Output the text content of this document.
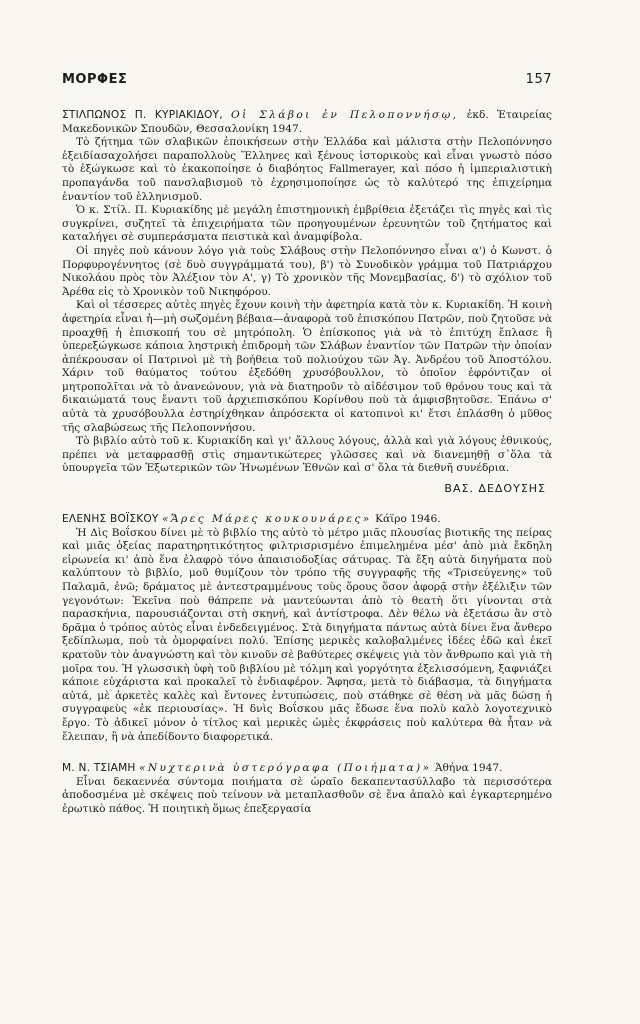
ΜΟΡΦΕΣ	157

ΣΤΙΛΠΩΝΟΣ Π. ΚΥΡΙΑΚΙΔΟΥ, Οἱ Σλάβοι ἐν Πελοποννήσῳ, ἐκδ. Ἑταιρείας Μακεδονικῶν Σπουδῶν, Θεσσαλονίκη 1947.

Τὸ ζήτημα τῶν σλαβικῶν ἐποικήσεων στὴν Ἑλλάδα καὶ μάλιστα στὴν Πελοπόννησο ἐξειδίασαχολήσει παραπολλοὺς Ἕλληνες καὶ ξένους ἱστορικοὺς καὶ εἶναι γνωστὸ πόσο τὸ ἐξώγκωσε καὶ τὸ ἐκακοποίησε ὁ διαβόητος Fallmerayer, καὶ πόσο ἡ ἰμπεριαλιστικὴ προπαγάνδα τοῦ πανσλαβισμοῦ τὸ ἐχρησιμοποίησε ὡς τὸ καλύτερό της ἐπιχείρημα ἐναντίον τοῦ ἑλληνισμοῦ.

Ὁ κ. Στίλ. Π. Κυριακίδης μὲ μεγάλη ἐπιστημονικὴ ἐμβρίθεια ἐξετάζει τὶς πηγὲς καὶ τὶς συγκρίνει, συζητεῖ τὰ ἐπιχειρήματα τῶν προηγουμένων ἐρευνητῶν τοῦ ζητήματος καὶ καταλήγει σὲ συμπεράσματα πειστικὰ καὶ ἀναμφίβολα.

Οἱ πηγὲς ποὺ κάνουν λόγο γιὰ τοὺς Σλάβους στὴν Πελοπόννησο εἶναι α') ὁ Κωνστ. ὁ Πορφυρογέννητος (σὲ δυὸ συγγράμματά του), β') τὸ Συνοδικὸν γράμμα τοῦ Πατριάρχου Νικολάου πρὸς τὸν Ἀλέξιον τὸν Α', γ) Τὸ χρονικὸν τῆς Μονεμβασίας, δ') τὸ σχόλιον τοῦ Ἀρέθα εἰς τὸ Χρονικὸν τοῦ Νικηφόρου.

Καὶ οἱ τέσσερες αὐτὲς πηγὲς ἔχουν κοινὴ τὴν ἀφετηρία κατὰ τὸν κ. Κυριακίδη. Ἡ κοινὴ ἀφετηρία εἶναι ἡ—μὴ σωζομένη βέβαια—ἀναφορὰ τοῦ ἐπισκόπου Πατρῶν, ποὺ ζητοῦσε νὰ προαχθῇ ἡ ἐπισκοπή του σὲ μητρόπολη. Ὁ ἐπίσκοπος γιὰ νὰ τὸ ἐπιτύχη ἔπλασε ἢ ὑπερεξώγκωσε κάποια ληστρικὴ ἐπιδρομὴ τῶν Σλάβων ἐναντίον τῶν Πατρῶν τὴν ὁποίαν ἀπέκρουσαν οἱ Πατρινοὶ μὲ τὴ βοήθεια τοῦ πολιούχου τῶν Ἀγ. Ἀνδρέου τοῦ Ἀποστόλου. Χάριν τοῦ θαύματος τούτου ἐξεδόθη χρυσόβουλλον, τὸ ὁποῖον ἐφρόντιζαν οἱ μητροπολῖται νὰ τὸ ἀνανεώνουν, γιὰ νὰ διατηροῦν τὸ αἰδέσιμον τοῦ θρόνου τους καὶ τὰ δικαιώματά τους ἔναντι τοῦ ἀρχιεπισκόπου Κορίνθου ποὺ τὰ ἀμφισβητοῦσε. Ἐπάνω σ' αὐτὰ τὰ χρυσόβουλλα ἐστηρίχθηκαν ἀπρόσεκτα οἱ κατοπινοὶ κι' ἔτσι ἐπλάσθη ὁ μῦθος τῆς σλαβώσεως τῆς Πελοποννήσου.

Τὸ βιβλίο αὐτὸ τοῦ κ. Κυριακίδη καὶ γι' ἄλλους λόγους, ἀλλὰ καὶ γιὰ λόγους ἐθνικούς, πρέπει νὰ μεταφρασθῇ στὶς σημαντικώτερες γλῶσσες καὶ νὰ διανεμηθῇ σ᾽ὅλα τὰ ὑπουργεῖα τῶν Ἐξωτερικῶν τῶν Ἡνωμένων Ἐθνῶν καὶ σ' ὅλα τὰ διεθνῆ συνέδρια.

ΒΑΣ. ΔΕΔΟΥΣΗΣ

ΕΛΕΝΗΣ ΒΟΪΣΚΟΥ «Ἄρες Μάρες κουκουνάρες» Κάϊρο 1946.

Ἡ Δὶς Βοΐσκου δίνει μὲ τὸ βιβλίο της αὐτὸ τὸ μέτρο μιᾶς πλουσίας βιοτικῆς της πείρας καὶ μιᾶς ὀξείας παρατηρητικότητος φιλτρισρισμένο ἐπιμελημένα μέσ' ἀπὸ μιὰ ἔκδηλη εἰρωνεία κι' ἀπὸ ἕνα ἐλαφρὸ τόνο ἀπαισιοδοξίας σάτυρας. Τὰ ἔξη αὐτὰ διηγήματα ποὺ καλύπτουν τὸ βιβλίο, μοῦ θυμίζουν τὸν τρόπο τῆς συγγραφῆς τῆς «Τρισεύγενης» τοῦ Παλαμᾶ, ἐνῶ; δράματος μὲ ἀντεστραμμένους τοὺς ὅρους ὅσον ἀφορᾷ στὴν ἐξέλιξιν τῶν γεγονότων: Ἐκεῖνα ποὺ θάπρεπε νὰ μαντεύωνται ἀπὸ τὸ θεατὴ ὅτι γίνονται στὰ παρασκήνια, παρουσιάζονται στὴ σκηνή, καὶ ἀντίστροφα. Δὲν θέλω νὰ ἐξετάσω ἂν στὸ δρᾶμα ὁ τρόπος αὐτὸς εἶναι ἐνδεδειγμένος. Στὰ διηγήματα πάντως αὐτὰ δίνει ἕνα ἄνθερο ξεδίπλωμα, ποὺ τὰ ὁμορφαίνει πολύ. Ἐπίσης μερικὲς καλοβαλμένες ἰδέες ἐδῶ καὶ ἐκεῖ κρατοῦν τὸν ἀναγνώστη καὶ τὸν κινοῦν σὲ βαθύτερες σκέψεις γιὰ τὸν ἄνθρωπο καὶ γιὰ τὴ μοῖρα του. Ἡ γλωσσικὴ ὑφὴ τοῦ βιβλίου μὲ τόλμη καὶ γοργότητα ἐξελισσόμενη, ξαφνιάζει κάποιε εὐχάριστα καὶ προκαλεῖ τὸ ἐνδιαφέρον. Ἄφησα, μετὰ τὸ διάβασμα, τὰ διηγήματα αὐτά, μὲ ἀρκετὲς καλὲς καὶ ἔντονες ἐντυπώσεις, ποὺ στάθηκε σὲ θέση νὰ μᾶς δώσῃ ἡ συγγραφεὺς «ἐκ περιουσίας». Ἡ δνὶς Βοΐσκου μᾶς ἔδωσε ἕνα πολὺ καλὸ λογοτεχνικὸ ἔργο. Τὸ ἀδικεῖ μόνον ὁ τίτλος καὶ μερικὲς ὠμὲς ἐκφράσεις ποὺ καλύτερα θὰ ἦταν νὰ ἔλειπαν, ἢ νὰ ἀπεδίδοντο διαφορετικά.

Μ. Ν. ΤΣΙΑΜΗ «Νυχτερινὰ ὑστερόγραφα (Ποιήματα)» Ἀθήνα 1947.

Εἶναι δεκαεννέα σύντομα ποιήματα σὲ ὡραῖο δεκαπεντασύλλαβο τὰ περισσότερα ἀποδοσμένα μὲ σκέψεις ποὺ τείνουν νὰ μεταπλασθοῦν σὲ ἕνα ἁπαλὸ καὶ ἐγκαρτερημένο ἐρωτικὸ πάθος. Ἡ ποιητικὴ ὅμως ἐπεξεργασία
